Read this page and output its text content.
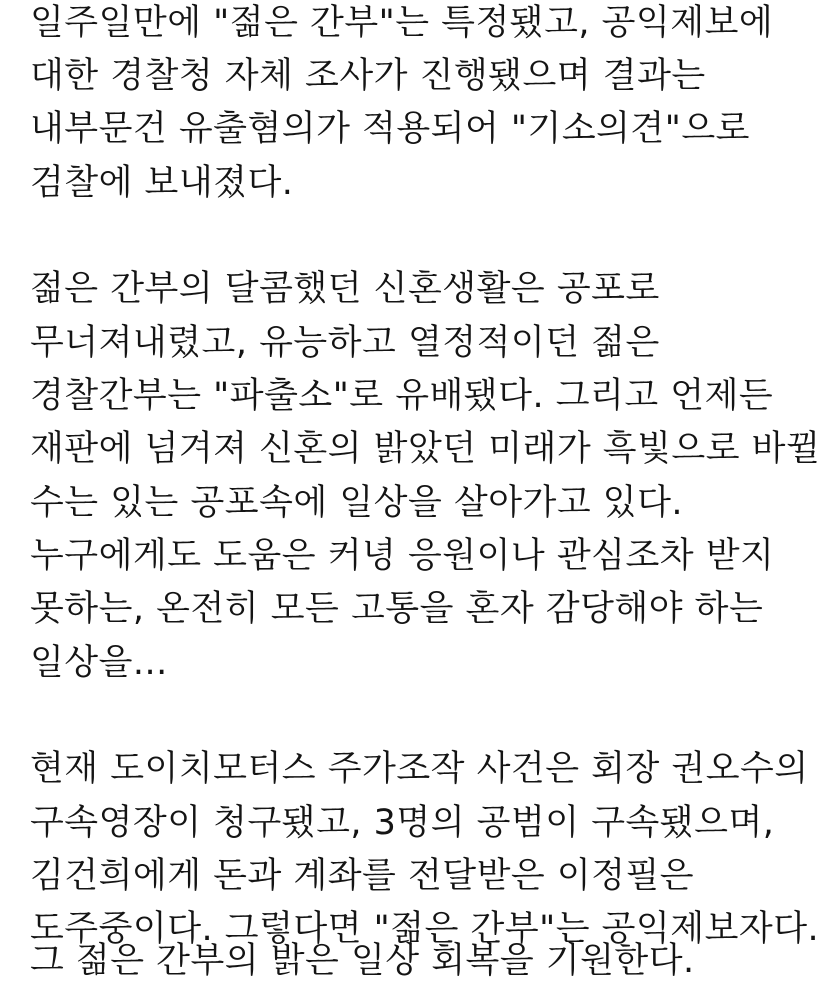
일주일만에 "젊은 간부"는 특정됐고, 공익제보에

대한 경찰청 자체 조사가 진행됐으며 결과는

내부문건 유출혐의가 적용되어 "기소의견"으로

검찰에 보내졌다.

젊은 간부의 달콤했던 신혼생활은 공포로

무너져내렸고, 유능하고 열정적이던 젊은

경찰간부는 "파출소"로 유배됐다. 그리고 언제든

재판에 넘겨져 신혼의 밝았던 미래가 흑빛으로 바뀔

수는 있는 공포속에 일상을 살아가고 있다.

누구에게도 도움은 커녕 응원이나 관심조차 받지

못하는, 온전히 모든 고통을 혼자 감당해야 하는

일상을...

현재 도이치모터스 주가조작 사건은 회장 권오수의

구속영장이 청구됐고, 3명의 공범이 구속됐으며,

김건희에게 돈과 계좌를 전달받은 이정필은

도주중이다. 그렇다면 "젊은 간부"는 공익제보자다.

그 젊은 간부의 밝은 일상 회복을 기원한다.
